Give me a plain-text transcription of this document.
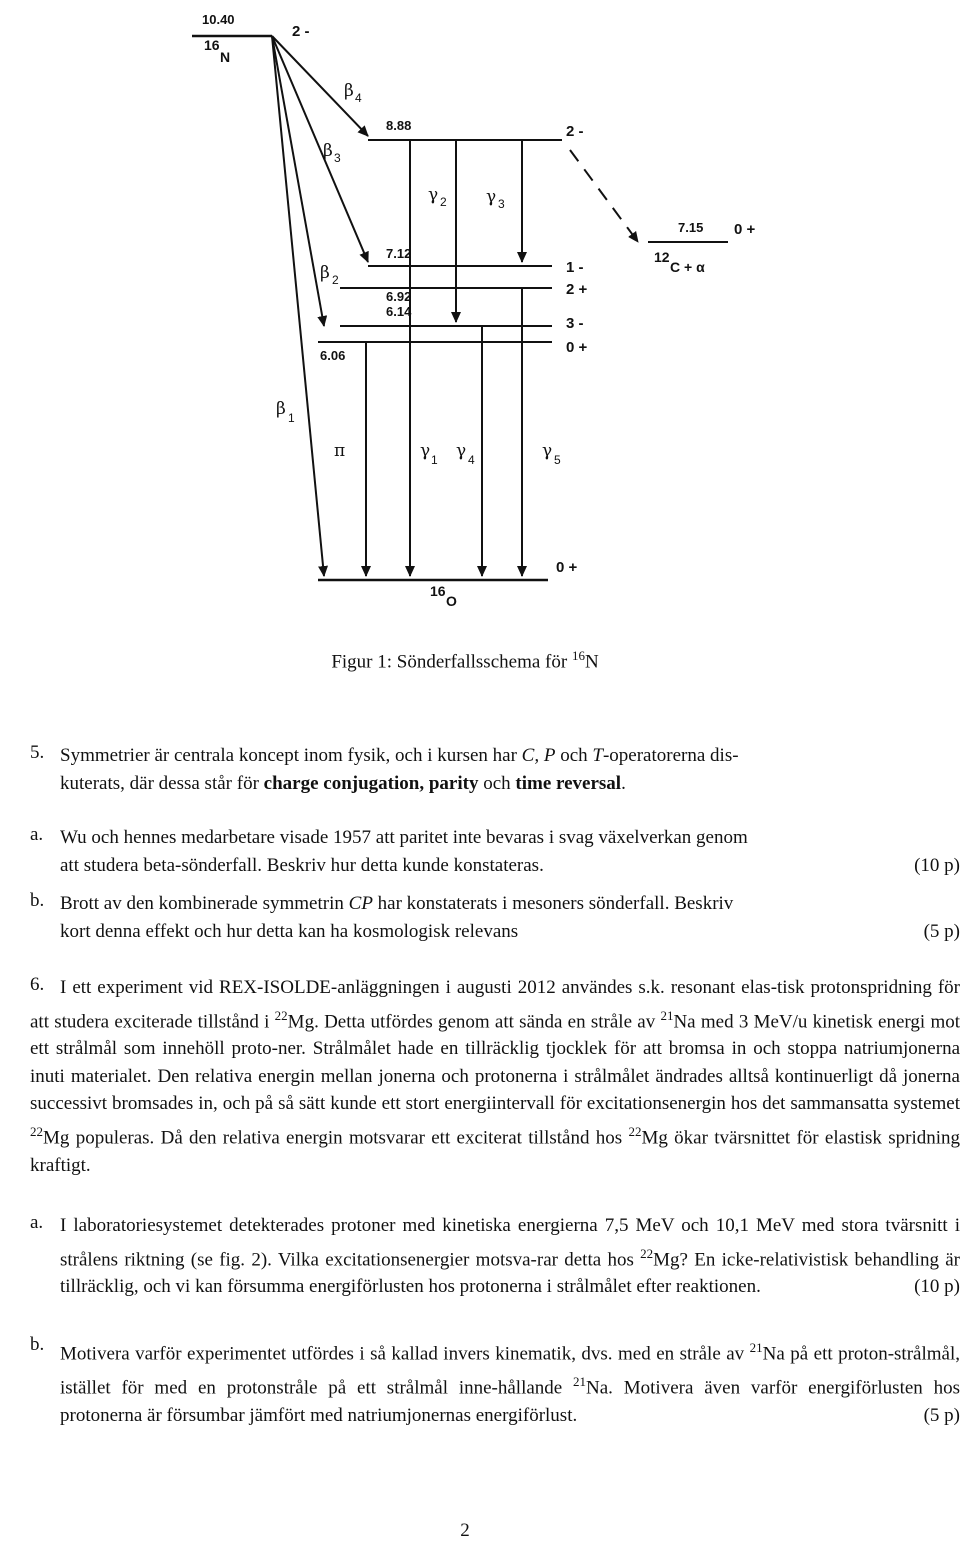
10.40
16
N
2 -
β 4
β 3
β 2
β 1
8.88	2 -
7.15 0 +
12
C + α
7.12
1 -
6.92	2 +
6.14
3 -
6.06	0 +
γ 2 γ 3
π	γ 1 γ 4	γ 5
0 +
16
O
Figur 1: Sönderfallsschema för $^{16}$N
5. Symmetrier är centrala koncept inom fysik, och i kursen har C, P och T-operatorerna dis-
kuterats, där dessa står för charge conjugation, parity och time reversal.
a. Wu och hennes medarbetare visade 1957 att paritet inte bevaras i svag växelverkan genom
att studera beta-sönderfall. Beskriv hur detta kunde konstateras.	(10 p)
b. Brott av den kombinerade symmetrin CP har konstaterats i mesoners sönderfall. Beskriv
kort denna effekt och hur detta kan ha kosmologisk relevans	(5 p)
6. I ett experiment vid REX-ISOLDE-anläggningen i augusti 2012 användes s.k. resonant elas-tisk protonspridning för att studera exciterade tillstånd i $^{22}$Mg. Detta utfördes genom att sända en stråle av $^{21}$Na med 3 MeV/u kinetisk energi mot ett strålmål som innehöll proto-ner. Strålmålet hade en tillräcklig tjocklek för att bromsa in och stoppa natriumjonerna inuti materialet. Den relativa energin mellan jonerna och protonerna i strålmålet ändrades alltså kontinuerligt då jonerna successivt bromsades in, och på så sätt kunde ett stort energiintervall för excitationsenergin hos det sammansatta systemet $^{22}$Mg populeras. Då den relativa energin motsvarar ett exciterat tillstånd hos $^{22}$Mg ökar tvärsnittet för elastisk spridning kraftigt.
a. I laboratoriesystemet detekterades protoner med kinetiska energierna 7,5 MeV och 10,1 MeV med stora tvärsnitt i strålens riktning (se fig. 2). Vilka excitationsenergier motsva-rar detta hos $^{22}$Mg? En icke-relativistisk behandling är tillräcklig, och vi kan försumma energiförlusten hos protonerna i strålmålet efter reaktionen.	(10 p)
b. Motivera varför experimentet utfördes i så kallad invers kinematik, dvs. med en stråle av $^{21}$Na på ett proton-strålmål, istället för med en protonstråle på ett strålmål inne-hållande $^{21}$Na. Motivera även varför energiförlusten hos protonerna är försumbar jämfört med natriumjonernas energiförlust.	(5 p)
2
